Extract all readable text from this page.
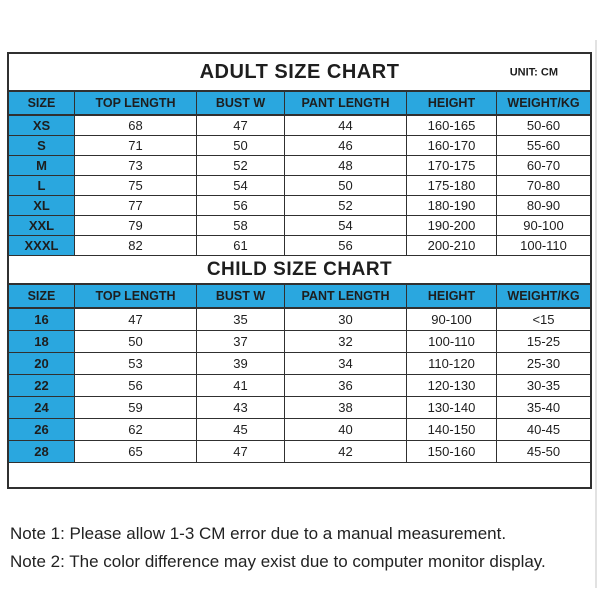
ADULT SIZE CHART	UNIT: CM
SIZE	TOP LENGTH	BUST W	PANT LENGTH	HEIGHT	WEIGHT/KG
XS	68	47	44	160-165	50-60
S	71	50	46	160-170	55-60
M	73	52	48	170-175	60-70
L	75	54	50	175-180	70-80
XL	77	56	52	180-190	80-90
XXL	79	58	54	190-200	90-100
XXXL	82	61	56	200-210	100-110
CHILD SIZE CHART
SIZE	TOP LENGTH	BUST W	PANT LENGTH	HEIGHT	WEIGHT/KG
16	47	35	30	90-100	<15
18	50	37	32	100-110	15-25
20	53	39	34	110-120	25-30
22	56	41	36	120-130	30-35
24	59	43	38	130-140	35-40
26	62	45	40	140-150	40-45
28	65	47	42	150-160	45-50
Note 1: Please allow 1-3 CM error due to a manual measurement.
Note 2: The color difference may exist due to computer monitor display.
